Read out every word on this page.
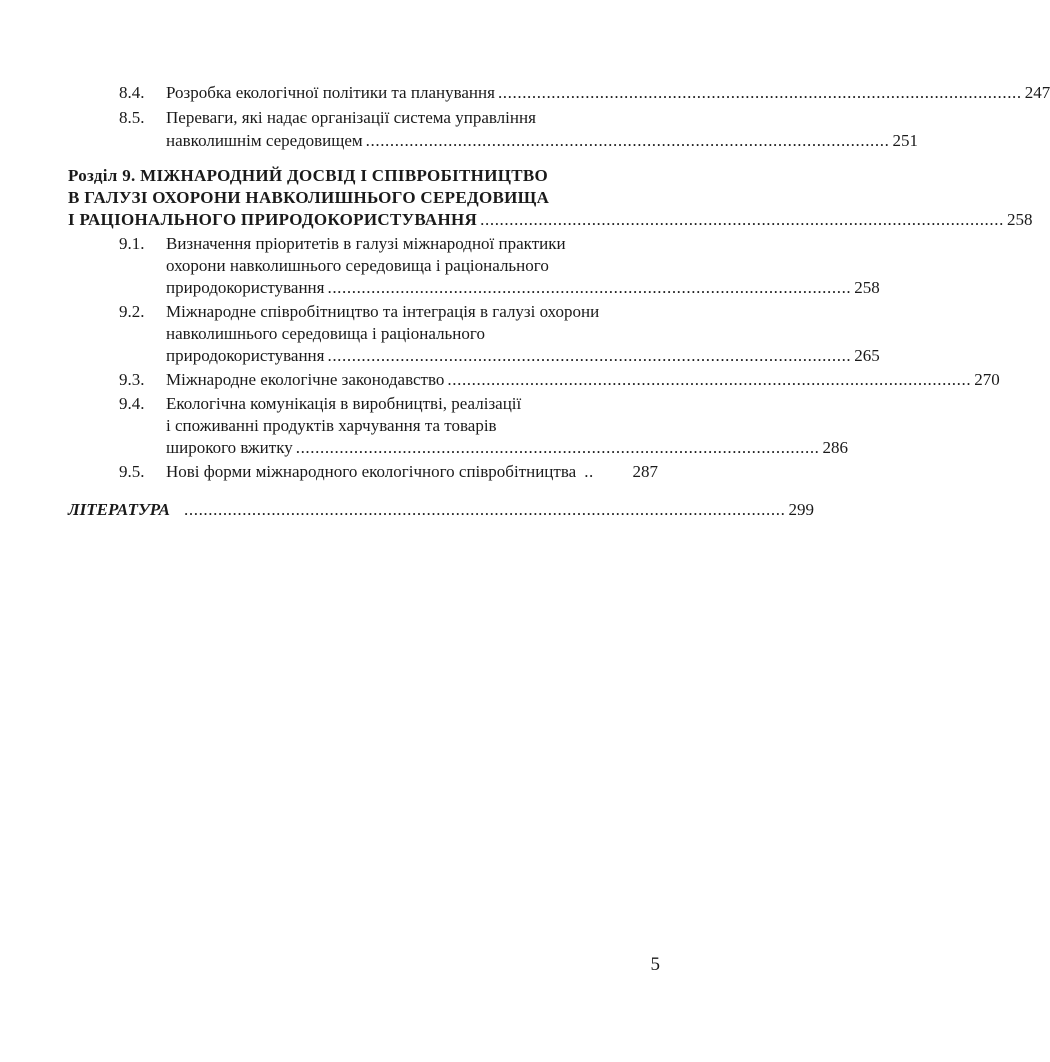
8.4. Розробка екологічної політики та планування ............................................................................................................ 247
8.5. Переваги, які надає організації система управління
навколишнім середовищем ............................................................................................................ 251
Розділ 9. МІЖНАРОДНИЙ ДОСВІД І СПІВРОБІТНИЦТВО
В ГАЛУЗІ ОХОРОНИ НАВКОЛИШНЬОГО СЕРЕДОВИЩА
І РАЦІОНАЛЬНОГО ПРИРОДОКОРИСТУВАННЯ ............................................................................................................ 258
9.1. Визначення пріоритетів в галузі міжнародної практики
охорони навколишнього середовища і раціонального
природокористування ............................................................................................................ 258
9.2. Міжнародне співробітництво та інтеграція в галузі охорони
навколишнього середовища і раціонального
природокористування ............................................................................................................ 265
9.3. Міжнародне екологічне законодавство ............................................................................................................ 270
9.4. Екологічна комунікація в виробництві, реалізації
і споживанні продуктів харчування та товарів
широкого вжитку ............................................................................................................ 286
9.5. Нові форми міжнародного екологічного співробітництва .. 287
ЛІТЕРАТУРА ............................................................................................................................ 299
5
